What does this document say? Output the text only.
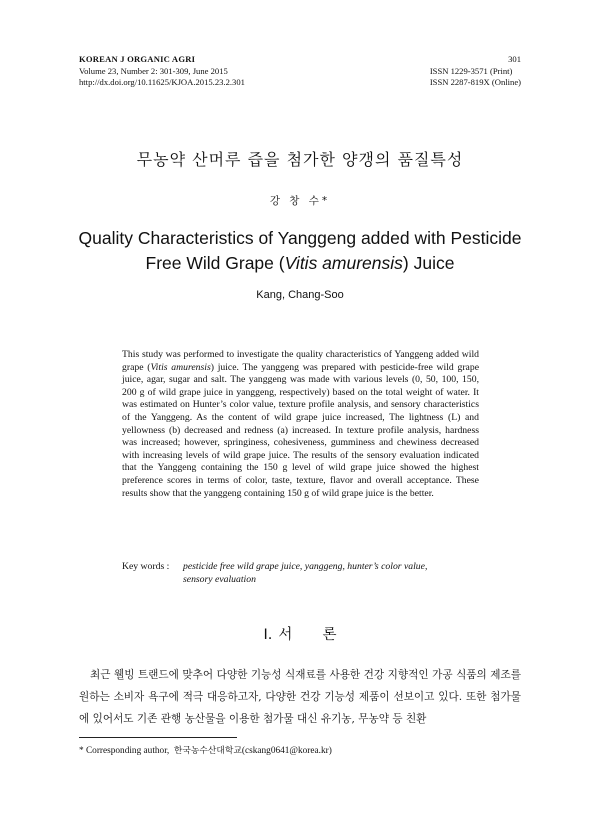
KOREAN J ORGANIC AGRI
Volume 23, Number 2: 301-309, June 2015
http://dx.doi.org/10.11625/KJOA.2015.23.2.301
301
ISSN 1229-3571 (Print)
ISSN 2287-819X (Online)
무농약 산머루 즙을 첨가한 양갱의 품질특성
강 창 수*
Quality Characteristics of Yanggeng added with Pesticide
Free Wild Grape (Vitis amurensis) Juice
Kang, Chang-Soo

This study was performed to investigate the quality characteristics of Yanggeng added wild grape (Vitis amurensis) juice. The yanggeng was prepared with pesticide-free wild grape juice, agar, sugar and salt. The yanggeng was made with various levels (0, 50, 100, 150, 200 g of wild grape juice in yanggeng, respectively) based on the total weight of water. It was estimated on Hunter’s color value, texture profile analysis, and sensory characteristics of the Yanggeng. As the content of wild grape juice increased, The lightness (L) and yellowness (b) decreased and redness (a) increased. In texture profile analysis, hardness was increased; however, springiness, cohesiveness, gumminess and chewiness decreased with increasing levels of wild grape juice. The results of the sensory evaluation indicated that the Yanggeng containing the 150 g level of wild grape juice showed the highest preference scores in terms of color, taste, texture, flavor and overall acceptance. These results show that the yanggeng containing 150 g of wild grape juice is the better.

Key words : pesticide free wild grape juice, yanggeng, hunter’s color value,
sensory evaluation
Ⅰ. 서 론

최근 웰빙 트랜드에 맞추어 다양한 기능성 식재료를 사용한 건강 지향적인 가공 식품의 제조를 원하는 소비자 욕구에 적극 대응하고자, 다양한 건강 기능성 제품이 선보이고 있다. 또한 첨가물에 있어서도 기존 관행 농산물을 이용한 첨가물 대신 유기농, 무농약 등 친환

* Corresponding author, 한국농수산대학교(cskang0641@korea.kr)
